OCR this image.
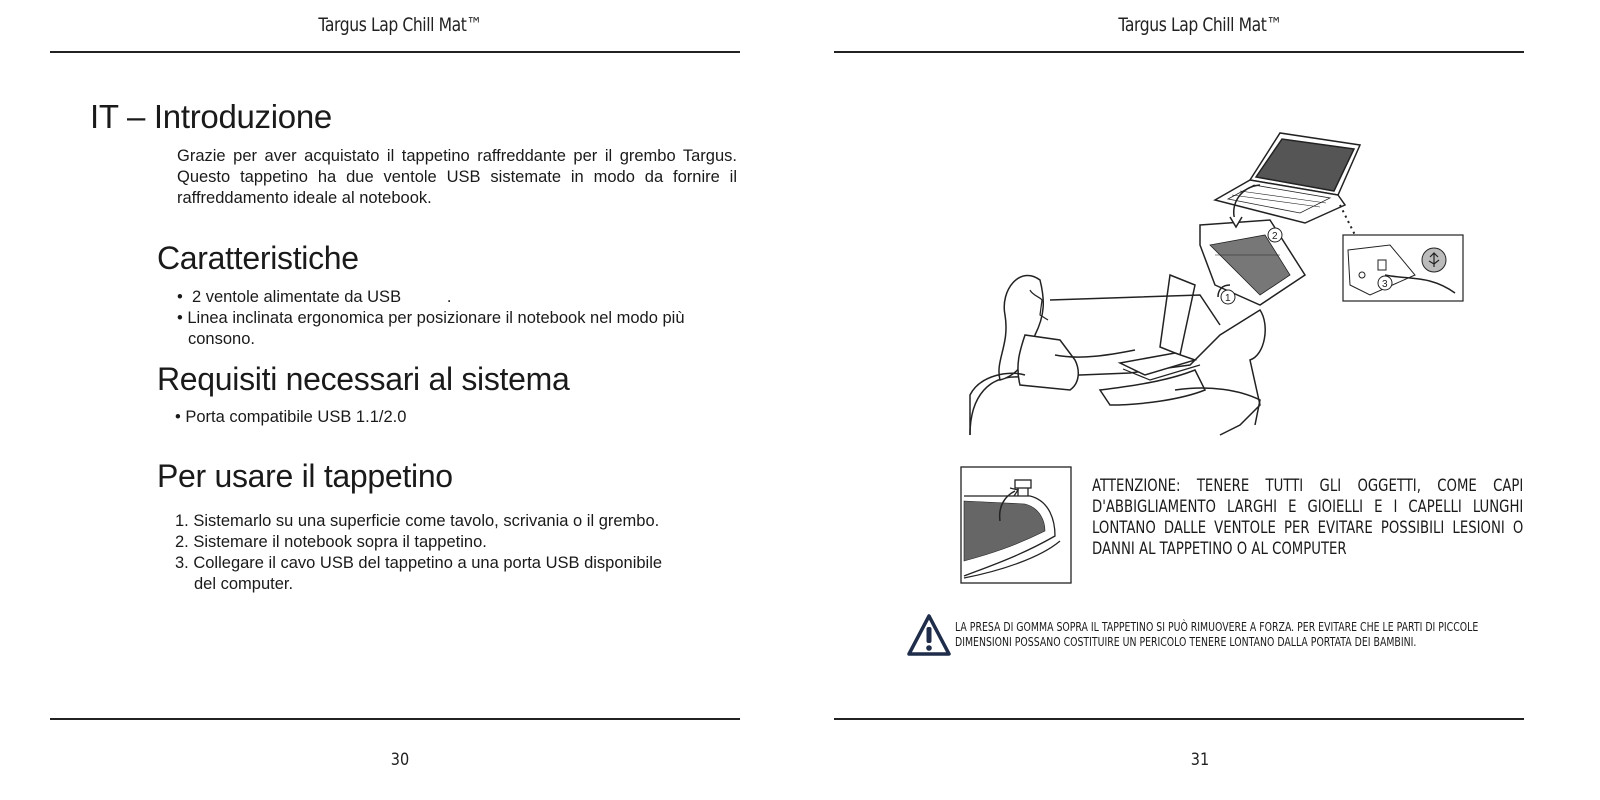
Targus Lap Chill Mat™
IT – Introduzione

Grazie per aver acquistato il tappetino raffreddante per il grembo Targus. Questo tappetino ha due ventole USB sistemate in modo da fornire il raffreddamento ideale al notebook.

Caratteristiche
•  2 ventole alimentate da USB          .
• Linea inclinata ergonomica per posizionare il notebook nel modo più
consono.
Requisiti necessari al sistema
• Porta compatibile USB 1.1/2.0
Per usare il tappetino
1. Sistemarlo su una superficie come tavolo, scrivania o il grembo.
2. Sistemare il notebook sopra il tappetino.
3. Collegare il cavo USB del tappetino a una porta USB disponibile
del computer.
30
Targus Lap Chill Mat™
1
2
3
ATTENZIONE: TENERE TUTTI GLI OGGETTI, COME CAPI D'ABBIGLIAMENTO LARGHI E GIOIELLI E I CAPELLI LUNGHI LONTANO DALLE VENTOLE PER EVITARE POSSIBILI LESIONI O DANNI AL TAPPETINO O AL COMPUTER
LA PRESA DI GOMMA SOPRA IL TAPPETINO SI PUÒ RIMUOVERE A FORZA. PER EVITARE CHE LE PARTI DI PICCOLE DIMENSIONI POSSANO COSTITUIRE UN PERICOLO TENERE LONTANO DALLA PORTATA DEI BAMBINI.
31
